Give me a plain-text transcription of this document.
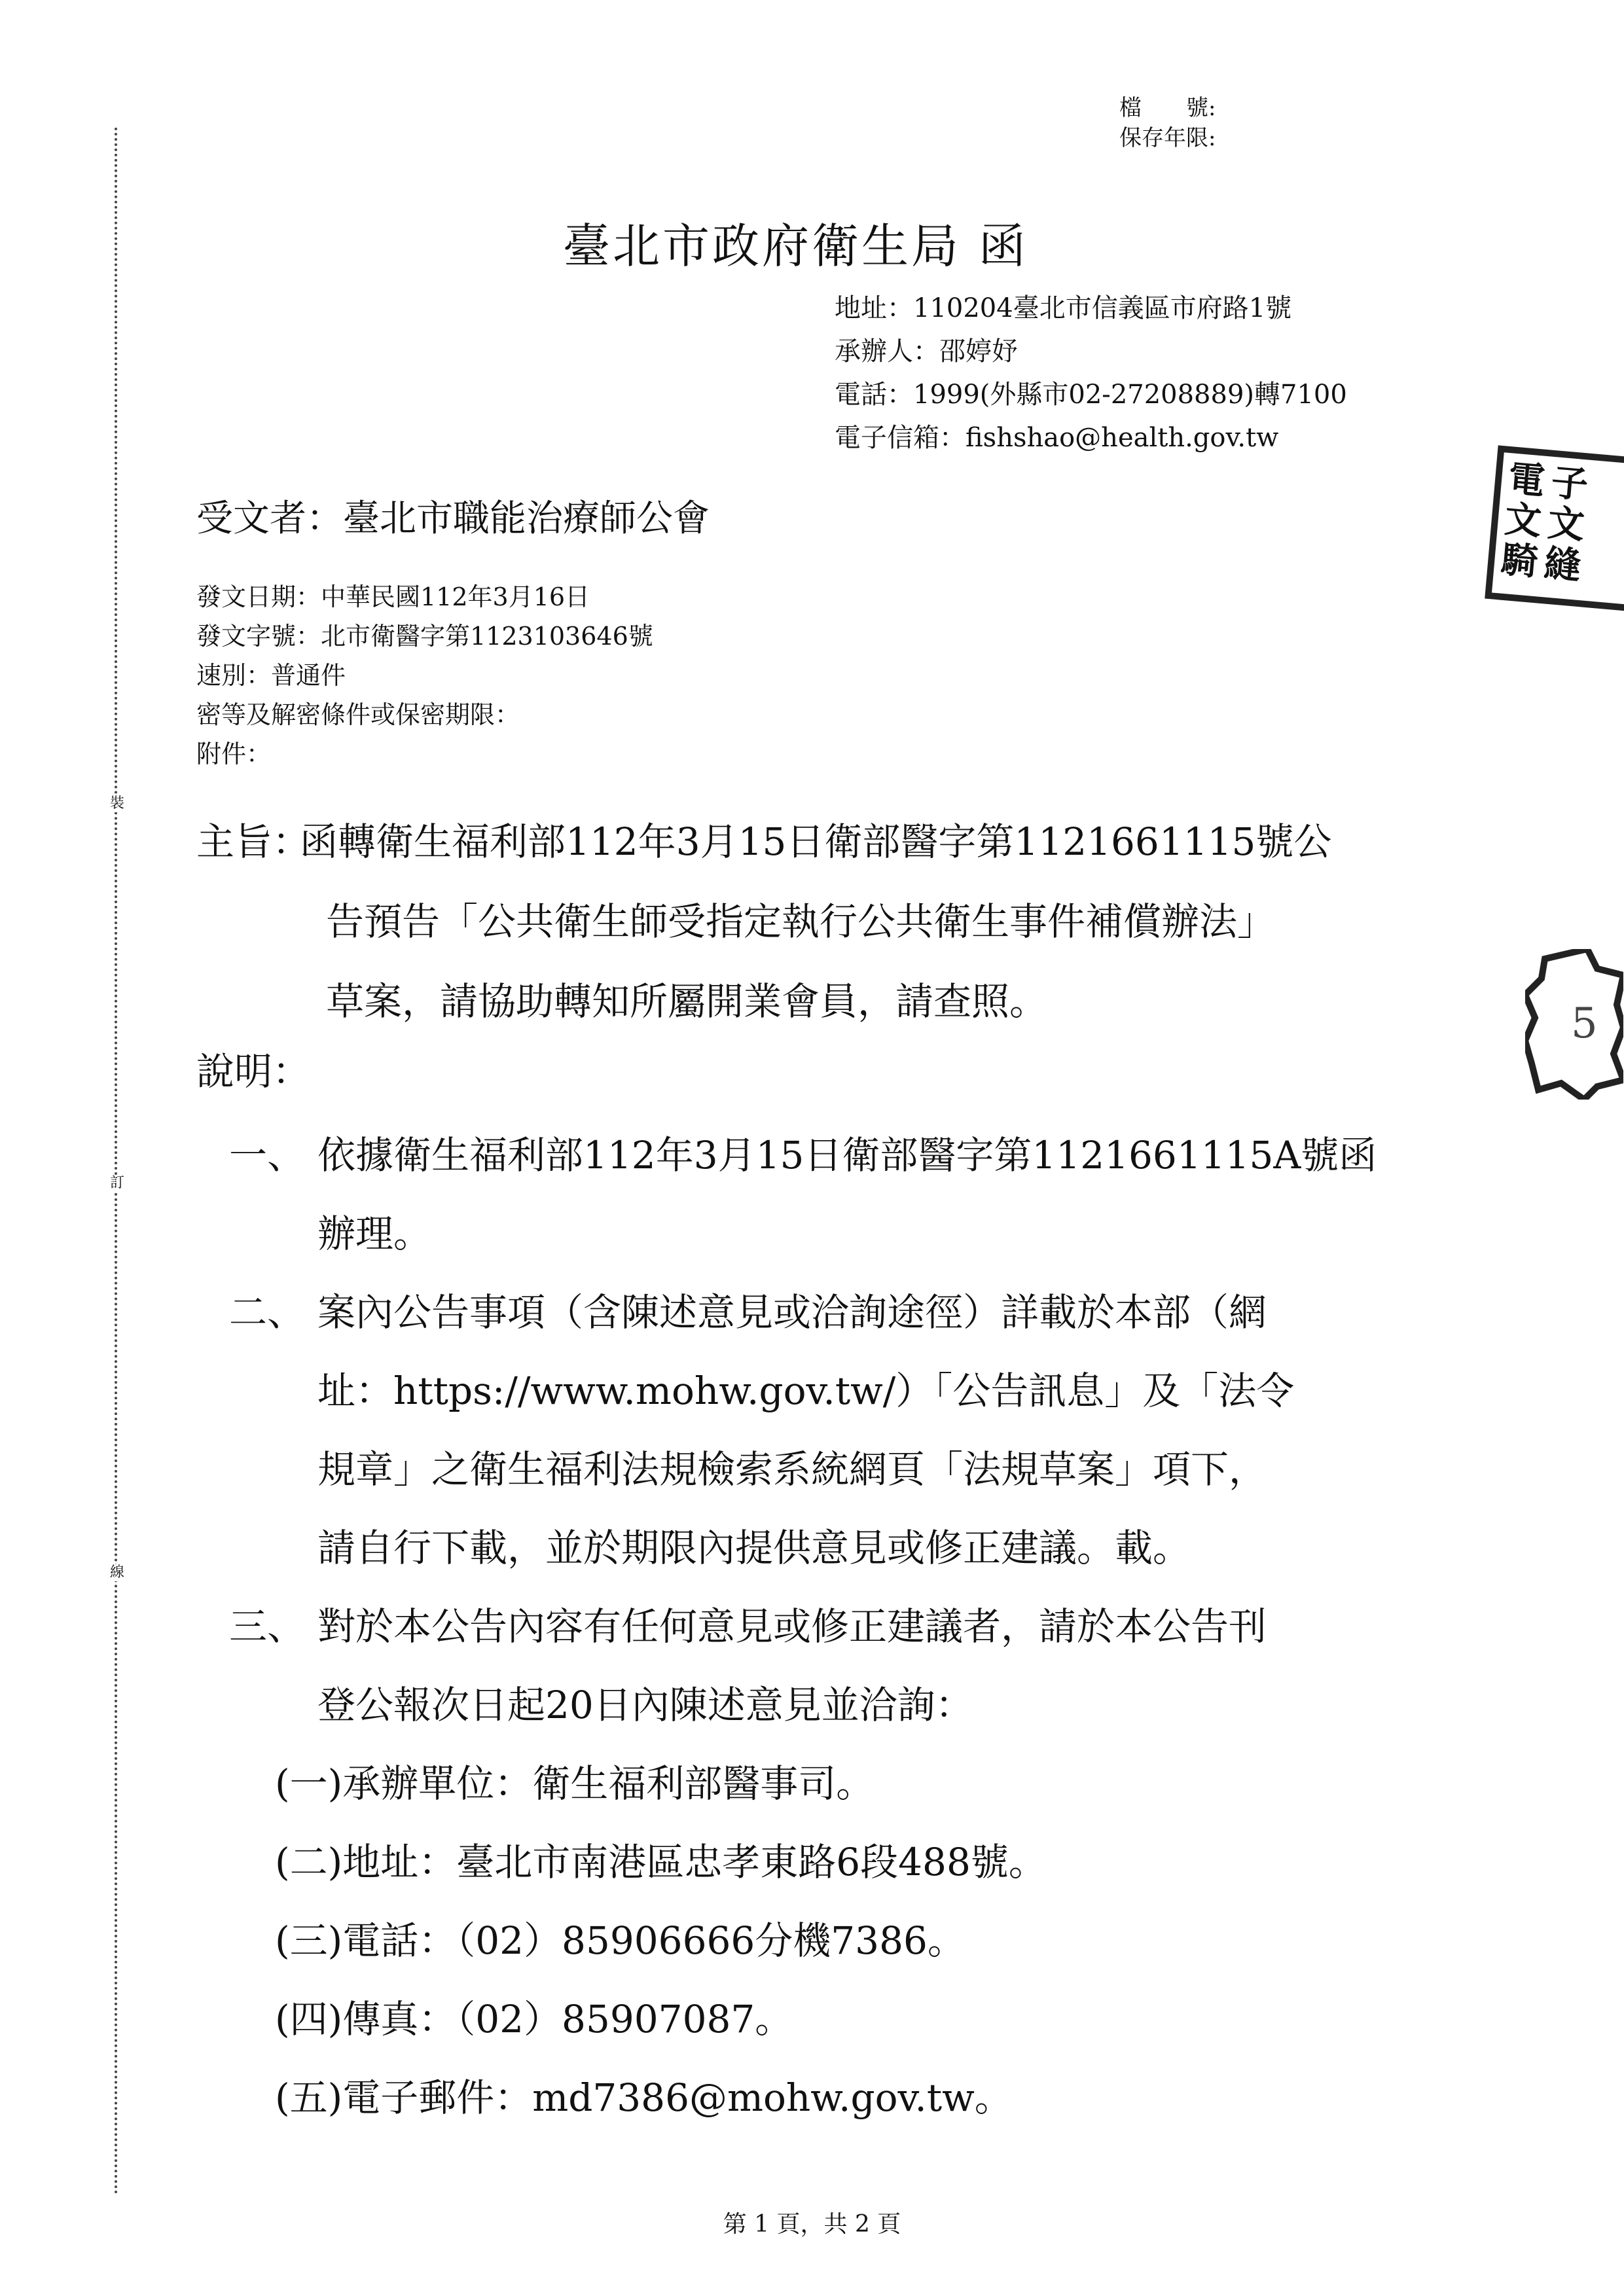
裝
訂
線
檔　　號:
保存年限:
臺北市政府衛生局 函
地址：110204臺北市信義區市府路1號
承辦人：邵婷妤
電話：1999(外縣市02-27208889)轉7100
電子信箱：fishshao@health.gov.tw
受文者：臺北市職能治療師公會
發文日期：中華民國112年3月16日
發文字號：北市衛醫字第1123103646號
速別：普通件
密等及解密條件或保密期限：
附件：
主旨：
函轉衛生福利部112年3月15日衛部醫字第1121661115號公
告預告「公共衛生師受指定執行公共衛生事件補償辦法」
草案，請協助轉知所屬開業會員，請查照。
說明：
一、 依據衛生福利部112年3月15日衛部醫字第1121661115A號函
辦理。
二、 案內公告事項（含陳述意見或洽詢途徑）詳載於本部（網
址：https://www.mohw.gov.tw/）「公告訊息」及「法令
規章」之衛生福利法規檢索系統網頁「法規草案」項下，
請自行下載，並於期限內提供意見或修正建議。載。
三、 對於本公告內容有任何意見或修正建議者，請於本公告刊
登公報次日起20日內陳述意見並洽詢：
(一)承辦單位：衛生福利部醫事司。
(二)地址：臺北市南港區忠孝東路6段488號。
(三)電話：（02）85906666分機7386。
(四)傳真：（02）85907087。
(五)電子郵件：md7386@mohw.gov.tw。
第 1 頁，共 2 頁
電
文
騎
子
文
縫
5
